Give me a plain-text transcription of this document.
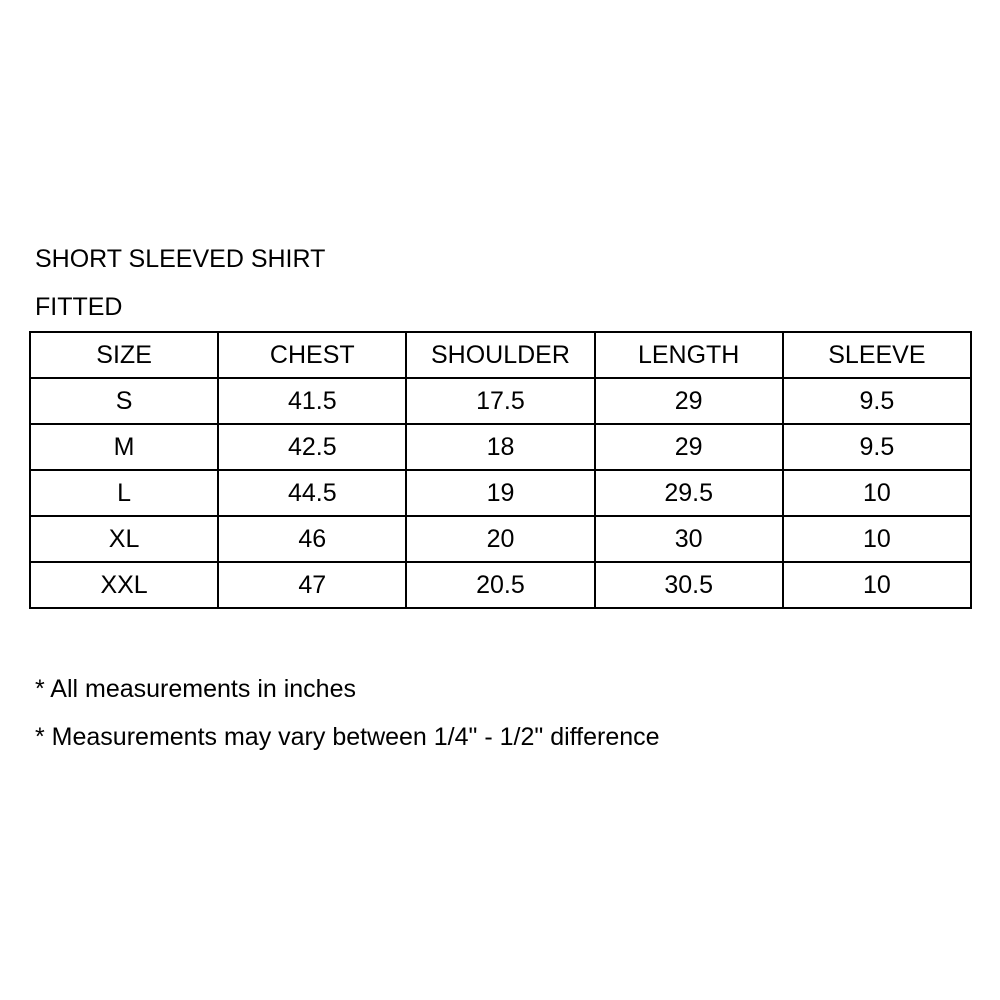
SHORT SLEEVED SHIRT
FITTED
SIZE	CHEST	SHOULDER	LENGTH	SLEEVE
S	41.5	17.5	29	9.5
M	42.5	18	29	9.5
L	44.5	19	29.5	10
XL	46	20	30	10
XXL	47	20.5	30.5	10
* All measurements in inches
* Measurements may vary between 1/4" - 1/2" difference
